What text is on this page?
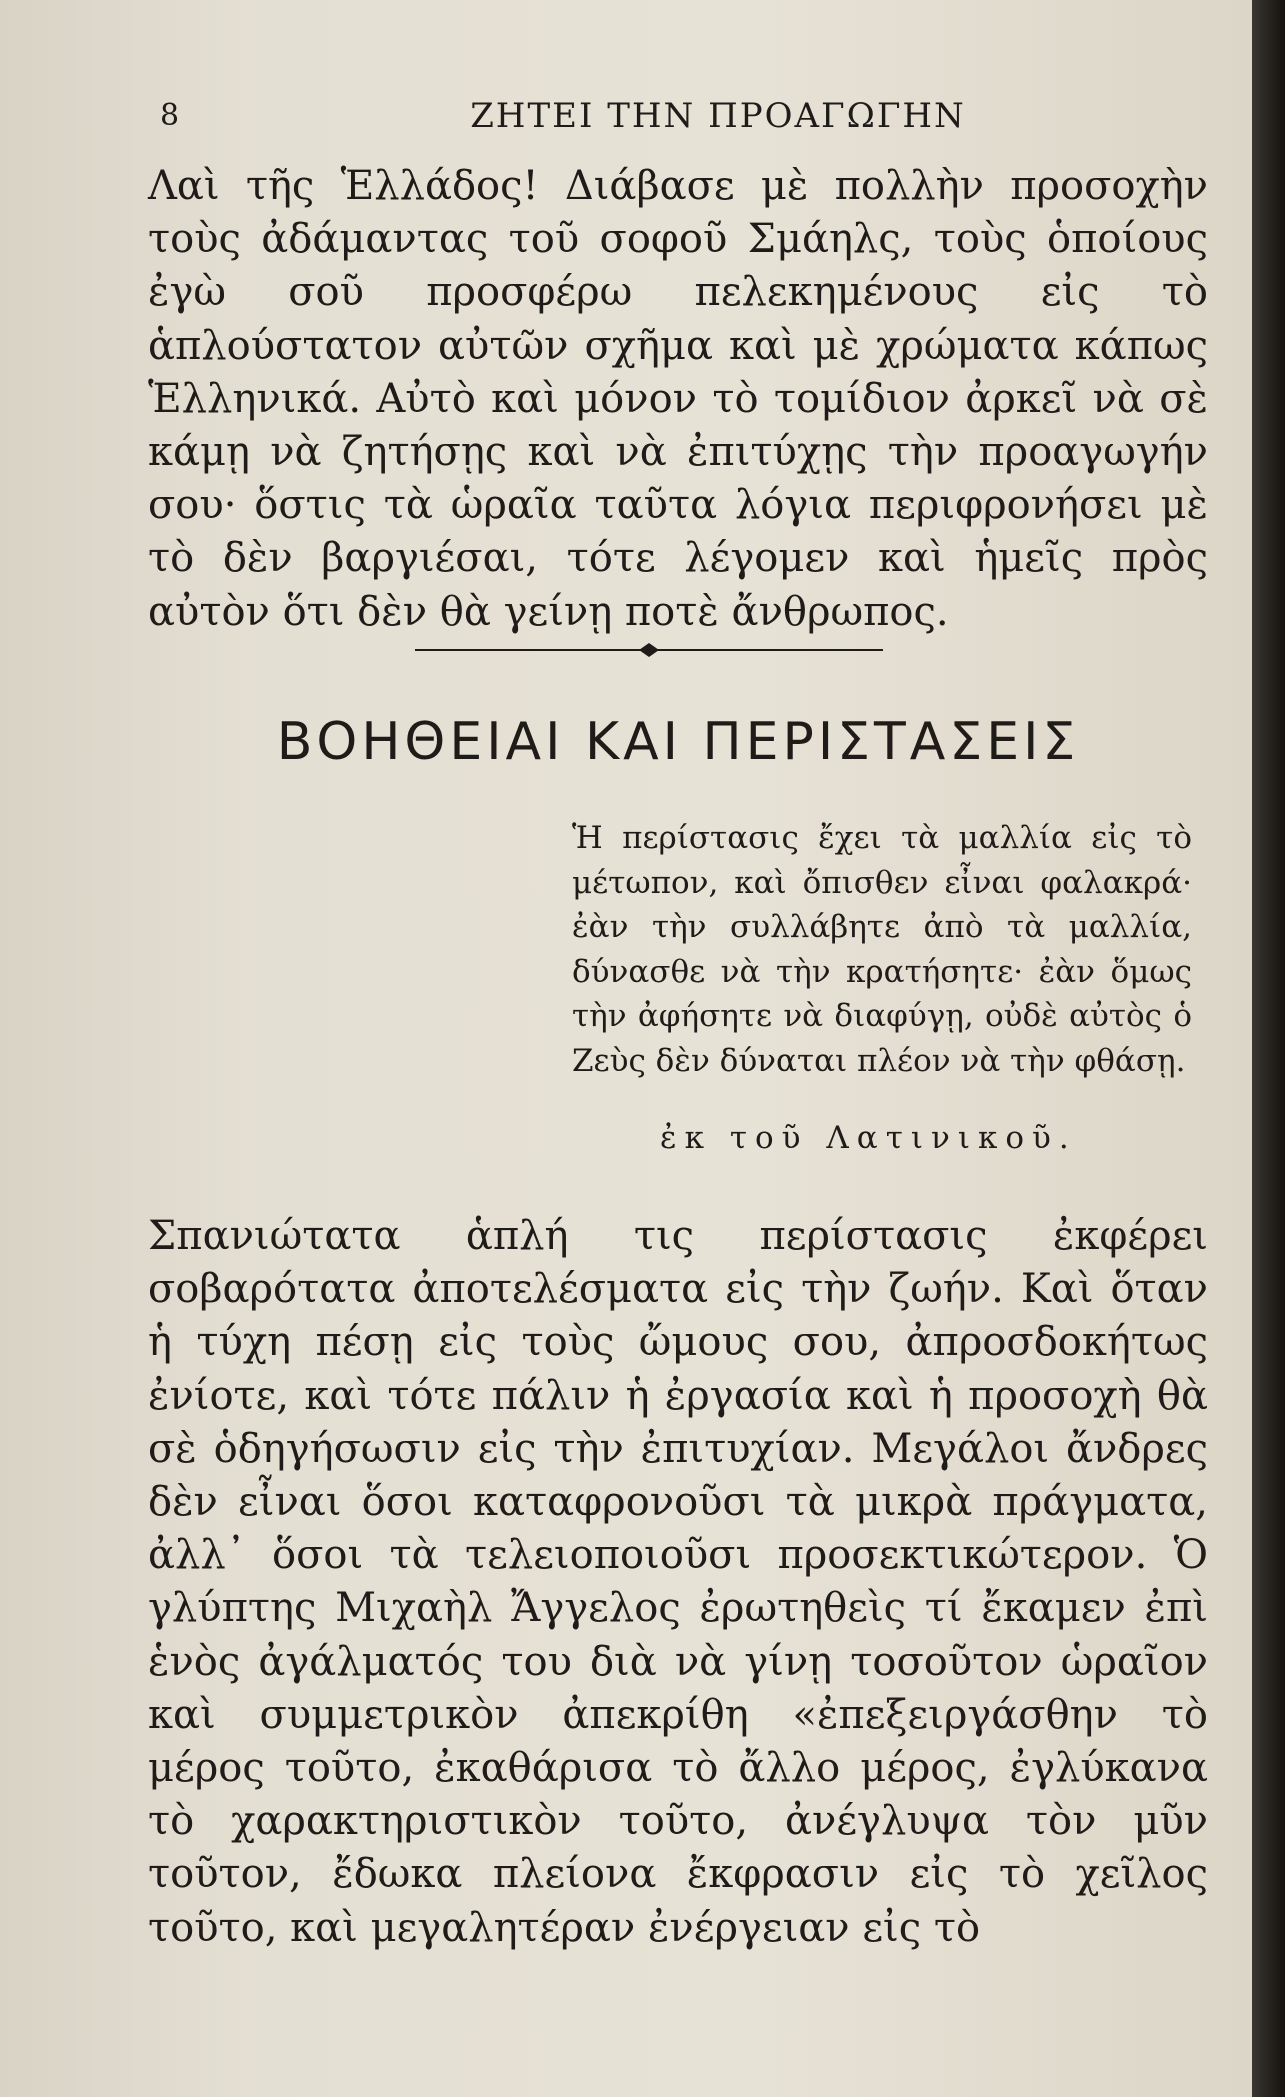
8	ΖΗΤΕΙ ΤΗΝ ΠΡΟΑΓΩΓΗΝ

Λαὶ τῆς Ἑλλάδος! Διάβασε μὲ πολλὴν προσοχὴν τοὺς ἀδάμαντας τοῦ σοφοῦ Σμάηλς, τοὺς ὁποίους ἐγὼ σοῦ προσφέρω πελεκημένους εἰς τὸ ἁπλούστατον αὐτῶν σχῆμα καὶ μὲ χρώματα κάπως Ἑλληνικά. Αὐτὸ καὶ μόνον τὸ τομίδιον ἀρκεῖ νὰ σὲ κάμῃ νὰ ζητήσῃς καὶ νὰ ἐπιτύχῃς τὴν προαγωγήν σου· ὅστις τὰ ὡραῖα ταῦτα λόγια περιφρονήσει μὲ τὸ δὲν βαργιέσαι, τότε λέγομεν καὶ ἡμεῖς πρὸς αὐτὸν ὅτι δὲν θὰ γείνῃ ποτὲ ἄνθρωπος.

ΒΟΗΘΕΙΑΙ ΚΑΙ ΠΕΡΙΣΤΑΣΕΙΣ

Ἡ περίστασις ἔχει τὰ μαλλία εἰς τὸ μέτωπον, καὶ ὄπισθεν εἶναι φαλακρά· ἐὰν τὴν συλλάβητε ἀπὸ τὰ μαλλία, δύνασθε νὰ τὴν κρατήσητε· ἐὰν ὅμως τὴν ἀφήσητε νὰ διαφύγῃ, οὐδὲ αὐτὸς ὁ Ζεὺς δὲν δύναται πλέον νὰ τὴν φθάσῃ.

ἐκ τοῦ Λατινικοῦ.

Σπανιώτατα ἁπλή τις περίστασις ἐκφέρει σοβαρότατα ἀποτελέσματα εἰς τὴν ζωήν. Καὶ ὅταν ἡ τύχη πέσῃ εἰς τοὺς ὤμους σου, ἀπροσδοκήτως ἐνίοτε, καὶ τότε πάλιν ἡ ἐργασία καὶ ἡ προσοχὴ θὰ σὲ ὁδηγήσωσιν εἰς τὴν ἐπιτυχίαν. Μεγάλοι ἄνδρες δὲν εἶναι ὅσοι καταφρονοῦσι τὰ μικρὰ πράγματα, ἀλλ᾽ ὅσοι τὰ τελειοποιοῦσι προσεκτικώτερον. Ὁ γλύπτης Μιχαὴλ Ἄγγελος ἐρωτηθεὶς τί ἔκαμεν ἐπὶ ἑνὸς ἀγάλματός του διὰ νὰ γίνῃ τοσοῦτον ὡραῖον καὶ συμμετρικὸν ἀπεκρίθη «ἐπεξειργάσθην τὸ μέρος τοῦτο, ἐκαθάρισα τὸ ἄλλο μέρος, ἐγλύκανα τὸ χαρακτηριστικὸν τοῦτο, ἀνέγλυψα τὸν μῦν τοῦτον, ἔδωκα πλείονα ἔκφρασιν εἰς τὸ χεῖλος τοῦτο, καὶ μεγαλητέραν ἐνέργειαν εἰς τὸ
